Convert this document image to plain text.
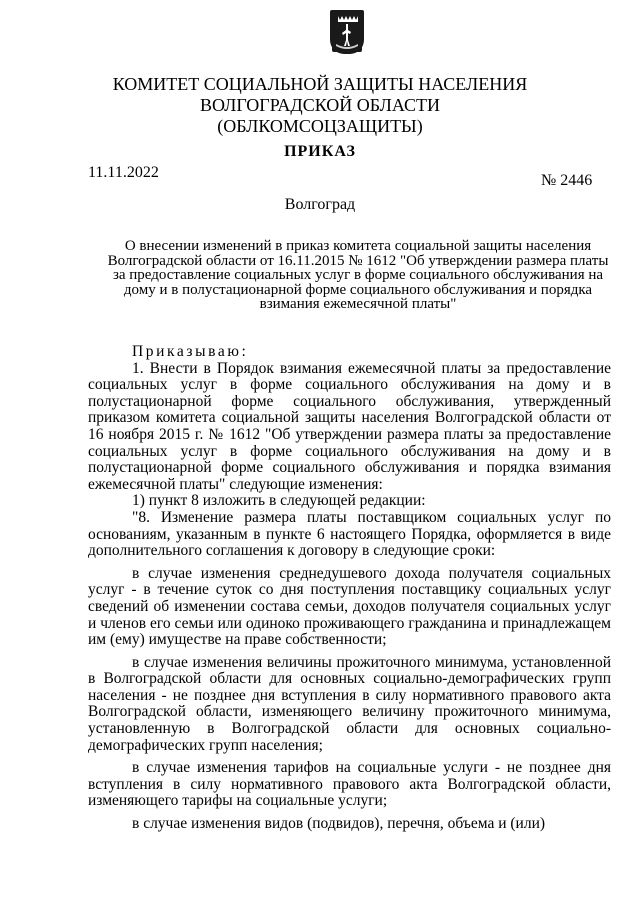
КОМИТЕТ СОЦИАЛЬНОЙ ЗАЩИТЫ НАСЕЛЕНИЯ
ВОЛГОГРАДСКОЙ ОБЛАСТИ
(ОБЛКОМСОЦЗАЩИТЫ)
ПРИКАЗ
11.11.2022	№ 2446
Волгоград
О внесении изменений в приказ комитета социальной защиты населения
Волгоградской области от 16.11.2015 № 1612 "Об утверждении размера платы
за предоставление социальных услуг в форме социального обслуживания на
дому и в полустационарной форме социального обслуживания и порядка
взимания ежемесячной платы"

Приказываю:

1. Внести в Порядок взимания ежемесячной платы за предоставление социальных услуг в форме социального обслуживания на дому и в полустационарной форме социального обслуживания, утвержденный приказом комитета социальной защиты населения Волгоградской области от 16 ноября 2015 г. № 1612 "Об утверждении размера платы за предоставление социальных услуг в форме социального обслуживания на дому и в полустационарной форме социального обслуживания и порядка взимания ежемесячной платы" следующие изменения:

1) пункт 8 изложить в следующей редакции:

"8. Изменение размера платы поставщиком социальных услуг по основаниям, указанным в пункте 6 настоящего Порядка, оформляется в виде дополнительного соглашения к договору в следующие сроки:

в случае изменения среднедушевого дохода получателя социальных услуг - в течение суток со дня поступления поставщику социальных услуг сведений об изменении состава семьи, доходов получателя социальных услуг и членов его семьи или одиноко проживающего гражданина и принадлежащем им (ему) имуществе на праве собственности;

в случае изменения величины прожиточного минимума, установленной в Волгоградской области для основных социально-демографических групп населения - не позднее дня вступления в силу нормативного правового акта Волгоградской области, изменяющего величину прожиточного минимума, установленную в Волгоградской области для основных социально-демографических групп населения;

в случае изменения тарифов на социальные услуги - не позднее дня вступления в силу нормативного правового акта Волгоградской области, изменяющего тарифы на социальные услуги;

в случае изменения видов (подвидов), перечня, объема и (или)
